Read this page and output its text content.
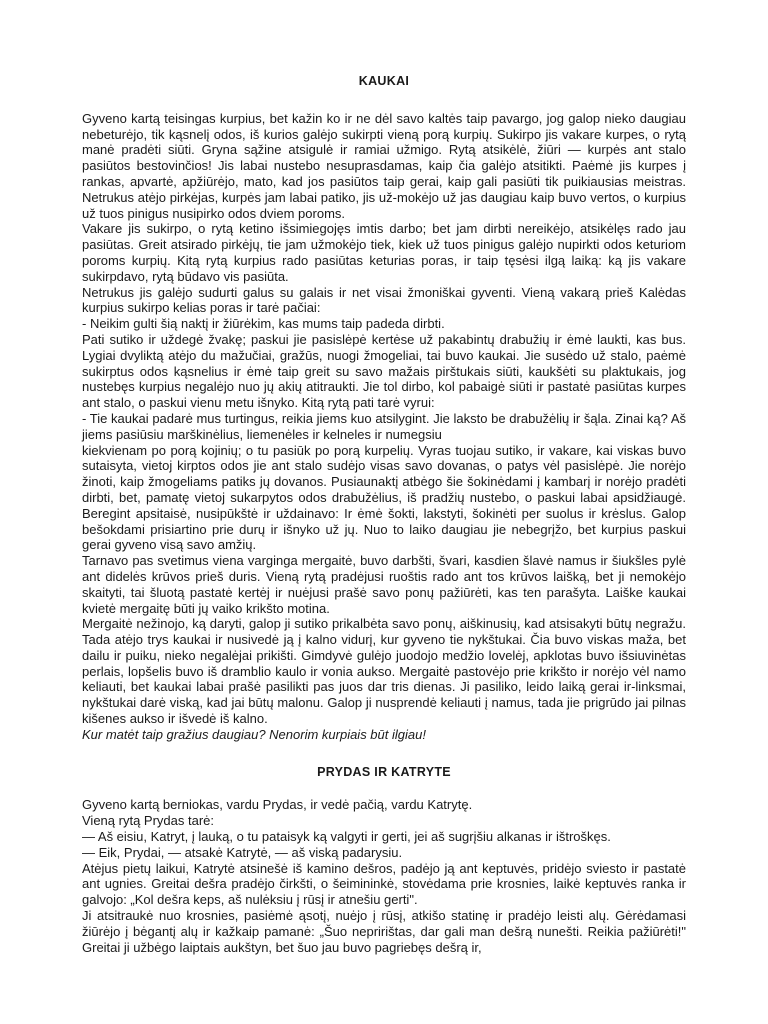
KAUKAI

Gyveno kartą teisingas kurpius, bet kažin ko ir ne dėl savo kaltės taip pavargo, jog galop nieko daugiau nebeturėjo, tik kąsnelį odos, iš kurios galėjo sukirpti vieną porą kurpių. Sukirpo jis vakare kurpes, o rytą manė pradėti siūti. Gryna sąžine atsigulė ir ramiai užmigo. Rytą atsikėlė, žiūri — kurpės ant stalo pasiūtos bestovinčios! Jis labai nustebo nesuprasdamas, kaip čia galėjo atsitikti. Paėmė jis kurpes į rankas, apvartė, apžiūrėjo, mato, kad jos pasiūtos taip gerai, kaip gali pasiūti tik puikiausias meistras. Netrukus atėjo pirkėjas, kurpės jam labai patiko, jis už-mokėjo už jas daugiau kaip buvo vertos, o kurpius už tuos pinigus nusipirko odos dviem poroms.

Vakare jis sukirpo, o rytą ketino išsimiegojęs imtis darbo; bet jam dirbti nereikėjo, atsikėlęs rado jau pasiūtas. Greit atsirado pirkėjų, tie jam užmokėjo tiek, kiek už tuos pinigus galėjo nupirkti odos keturiom poroms kurpių. Kitą rytą kurpius rado pasiūtas keturias poras, ir taip tęsėsi ilgą laiką: ką jis vakare sukirpdavo, rytą būdavo vis pasiūta.

Netrukus jis galėjo sudurti galus su galais ir net visai žmoniškai gyventi. Vieną vakarą prieš Kalėdas kurpius sukirpo kelias poras ir tarė pačiai:

- Neikim gulti šią naktį ir žiūrėkim, kas mums taip padeda dirbti.

Pati sutiko ir uždegė žvakę; paskui jie pasislėpė kertėse už pakabintų drabužių ir ėmė laukti, kas bus. Lygiai dvyliktą atėjo du mažučiai, gražūs, nuogi žmogeliai, tai buvo kaukai. Jie susėdo už stalo, paėmė sukirptus odos kąsnelius ir ėmė taip greit su savo mažais pirštukais siūti, kaukšėti su plaktukais, jog nustebęs kurpius negalėjo nuo jų akių atitraukti. Jie tol dirbo, kol pabaigė siūti ir pastatė pasiūtas kurpes ant stalo, o paskui vienu metu išnyko. Kitą rytą pati tarė vyrui:

- Tie kaukai padarė mus turtingus, reikia jiems kuo atsilygint. Jie laksto be drabužėlių ir šąla. Zinai ką? Aš jiems pasiūsiu marškinėlius, liemenėles ir kelneles ir numegsiu

kiekvienam po porą kojinių; o tu pasiūk po porą kurpelių. Vyras tuojau sutiko, ir vakare, kai viskas buvo sutaisyta, vietoj kirptos odos jie ant stalo sudėjo visas savo dovanas, o patys vėl pasislėpė. Jie norėjo žinoti, kaip žmogeliams patiks jų dovanos. Pusiaunaktį atbėgo šie šokinėdami į kambarį ir norėjo pradėti dirbti, bet, pamatę vietoj sukarpytos odos drabužėlius, iš pradžių nustebo, o paskui labai apsidžiaugė. Beregint apsitaisė, nusipūkštė ir uždainavo: Ir ėmė šokti, lakstyti, šokinėti per suolus ir krėslus. Galop bešokdami prisiartino prie durų ir išnyko už jų. Nuo to laiko daugiau jie nebegrįžo, bet kurpius paskui gerai gyveno visą savo amžių.

Tarnavo pas svetimus viena vargingа mergaitė, buvo darbšti, švari, kasdien šlavė namus ir šiukšles pylė ant didelės krūvos prieš duris. Vieną rytą pradėjusi ruoštis rado ant tos krūvos laišką, bet ji nemokėjo skaityti, tai šluotą pastatė kertėj ir nuėjusi prašė savo ponų pažiūrėti, kas ten parašyta. Laiške kaukai kvietė mergaitę būti jų vaiko krikšto motina.

Mergaitė nežinojo, ką daryti, galop ji sutiko prikalbėta savo ponų, aiškinusių, kad atsisakyti būtų negražu. Tada atėjo trys kaukai ir nusivedė ją į kalno vidurį, kur gyveno tie nykštukai. Čia buvo viskas maža, bet dailu ir puiku, nieko negalėjai prikišti. Gimdyvė gulėjo juodojo medžio lovelėj, apklotas buvo išsiuvinėtas perlais, lopšelis buvo iš dramblio kaulo ir vonia aukso. Mergaitė pastovėjo prie krikšto ir norėjo vėl namo keliauti, bet kaukai labai prašė pasilikti pas juos dar tris dienas. Ji pasiliko, leido laiką gerai ir-linksmai, nykštukai darė viską, kad jai būtų malonu. Galop ji nusprendė keliauti į namus, tada jie prigrūdo jai pilnas kišenes aukso ir išvedė iš kalno.

Kur matėt taip gražius daugiau? Nenorim kurpiais būt ilgiau!

PRYDAS IR KATRYTE

Gyveno kartą berniokas, vardu Prydas, ir vedė pačią, vardu Katrytę.

Vieną rytą Prydas tarė:

— Aš eisiu, Katryt, į lauką, o tu pataisyk ką valgyti ir gerti, jei aš sugrįšiu alkanas ir ištroškęs.

— Eik, Prydai, — atsakė Katrytė, — aš viską padarysiu.

Atėjus pietų laikui, Katrytė atsinešė iš kamino dešros, padėjo ją ant keptuvės, pridėjo sviesto ir pastatė ant ugnies. Greitai dešra pradėjo čirkšti, o šeimininkė, stovėdama prie krosnies, laikė keptuvės ranka ir galvojo: „Kol dešra keps, aš nulėksiu į rūsį ir atnešiu gerti".

Ji atsitraukė nuo krosnies, pasiėmė ąsotį, nuėjo į rūsį, atkišo statinę ir pradėjo leisti alų. Gėrėdamasi žiūrėjo į bėgantį alų ir kažkaip pamanė: „Šuo nepririštas, dar gali man dešrą nunešti. Reikia pažiūrėti!" Greitai ji užbėgo laiptais aukštyn, bet šuo jau buvo pagriebęs dešrą ir,
